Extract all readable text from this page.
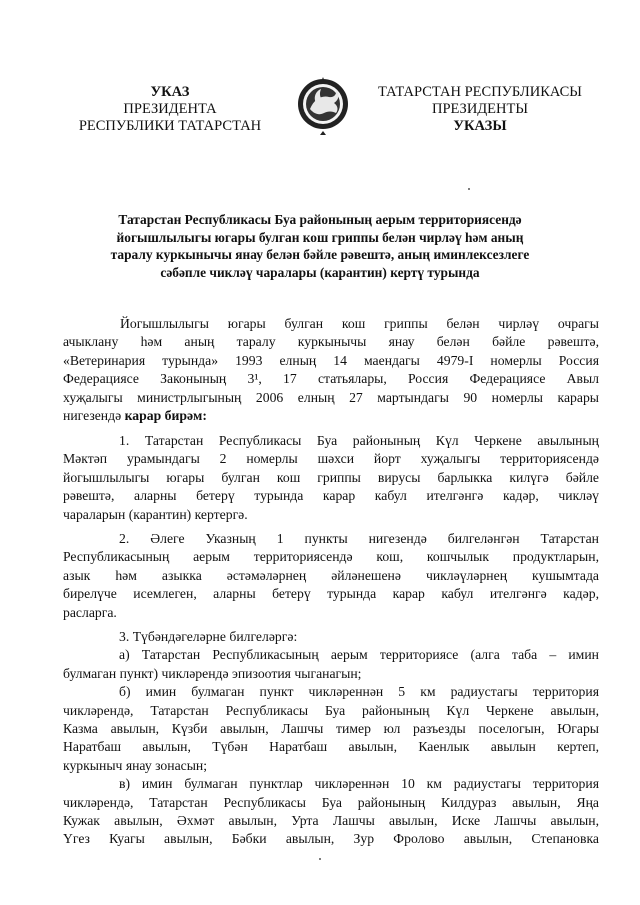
УКАЗ
ПРЕЗИДЕНТА
РЕСПУБЛИКИ ТАТАРСТАН
ТАТАРСТАН РЕСПУБЛИКАСЫ
ПРЕЗИДЕНТЫ
УКАЗЫ
Татарстан Республикасы Буа районының аерым территориясендә
йогышлылыгы югары булган кош гриппы белән чирләү һәм аның
таралу куркынычы янау белән бәйле рәвештә, аның иминлексезлеге
сәбәпле чикләү чаралары (карантин) кертү турында
Йогышлылыгы югары булган кош гриппы белән чирләү очрагы
ачыклану һәм аның таралу куркынычы янау белән бәйле рәвештә,
«Ветеринария турында» 1993 елның 14 маендагы 4979-I номерлы Россия
Федерациясе Законының 3¹, 17 статьялары, Россия Федерациясе Авыл
хуҗалыгы министрлыгының 2006 елның 27 мартындагы 90 номерлы карары
нигезендә карар бирәм:
1. Татарстан Республикасы Буа районының Күл Черкене авылының
Мәктәп урамындагы 2 номерлы шәхси йорт хуҗалыгы территориясендә
йогышлылыгы югары булган кош гриппы вирусы барлыкка килүгә бәйле
рәвештә, аларны бетерү турында карар кабул ителгәнгә кадәр, чикләү
чараларын (карантин) кертергә.
2. Әлеге Указның 1 пункты нигезендә билгеләнгән Татарстан
Республикасының аерым территориясендә кош, кошчылык продуктларын,
азык һәм азыкка әстәмәләрнең әйләнешенә чикләүләрнең кушымтада
бирелүче исемлеген, аларны бетерү турында карар кабул ителгәнгә кадәр,
расларга.
3. Түбәндәгеләрне билгеләргә:
а) Татарстан Республикасының аерым территориясе (алга таба – имин
булмаган пункт) чикләрендә эпизоотия чыганагын;
б) имин булмаган пункт чикләреннән 5 км радиустагы территория
чикләрендә, Татарстан Республикасы Буа районының Күл Черкене авылын,
Казма авылын, Күзби авылын, Лашчы тимер юл разъезды поселогын, Югары
Наратбаш авылын, Түбән Наратбаш авылын, Каенлык авылын кертеп,
куркыныч янау зонасын;
в) имин булмаган пунктлар чикләреннән 10 км радиустагы территория
чикләрендә, Татарстан Республикасы Буа районының Килдураз авылын, Яңа
Кужак авылын, Әхмәт авылын, Урта Лашчы авылын, Иске Лашчы авылын,
Үгез Куагы авылын, Бәбки авылын, Зур Фролово авылын, Степановка
